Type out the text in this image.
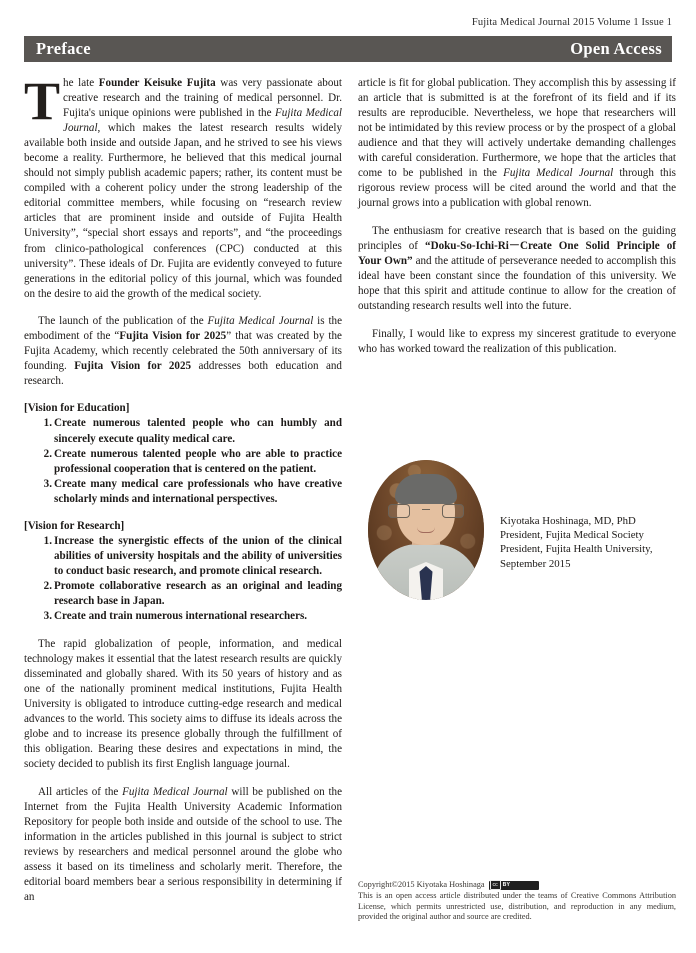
Fujita Medical Journal 2015 Volume 1 Issue 1
Preface	Open Access

The late Founder Keisuke Fujita was very passionate about creative research and the training of medical personnel. Dr. Fujita's unique opinions were published in the Fujita Medical Journal, which makes the latest research results widely available both inside and outside Japan, and he strived to see his views become a reality. Furthermore, he believed that this medical journal should not simply publish academic papers; rather, its content must be compiled with a coherent policy under the strong leadership of the editorial committee members, while focusing on “research review articles that are prominent inside and outside of Fujita Health University”, “special short essays and reports”, and “the proceedings from clinico-pathological conferences (CPC) conducted at this university”. These ideals of Dr. Fujita are evidently conveyed to future generations in the editorial policy of this journal, which was founded on the desire to aid the growth of the medical society.

The launch of the publication of the Fujita Medical Journal is the embodiment of the “Fujita Vision for 2025” that was created by the Fujita Academy, which recently celebrated the 50th anniversary of its founding. Fujita Vision for 2025 addresses both education and research.

[Vision for Education]
Create numerous talented people who can humbly and sincerely execute quality medical care.
Create numerous talented people who are able to practice professional cooperation that is centered on the patient.
Create many medical care professionals who have creative scholarly minds and international perspectives.
[Vision for Research]
Increase the synergistic effects of the union of the clinical abilities of university hospitals and the ability of universities to conduct basic research, and promote clinical research.
Promote collaborative research as an original and leading research base in Japan.
Create and train numerous international researchers.

The rapid globalization of people, information, and medical technology makes it essential that the latest research results are quickly disseminated and globally shared. With its 50 years of history and as one of the nationally prominent medical institutions, Fujita Health University is obligated to introduce cutting-edge research and medical advances to the world. This society aims to diffuse its ideals across the globe and to increase its presence globally through the fulfillment of this obligation. Bearing these desires and expectations in mind, the society decided to publish its first English language journal.

All articles of the Fujita Medical Journal will be published on the Internet from the Fujita Health University Academic Information Repository for people both inside and outside of the school to use. The information in the articles published in this journal is subject to strict reviews by researchers and medical personnel around the globe who assess it based on its timeliness and scholarly merit. Therefore, the editorial board members bear a serious responsibility in determining if an

article is fit for global publication. They accomplish this by assessing if an article that is submitted is at the forefront of its field and if its results are reproducible. Nevertheless, we hope that researchers will not be intimidated by this review process or by the prospect of a global audience and that they will actively undertake demanding challenges with careful consideration. Furthermore, we hope that the articles that come to be published in the Fujita Medical Journal through this rigorous review process will be cited around the world and that the journal grows into a publication with global renown.

The enthusiasm for creative research that is based on the guiding principles of “Doku-So-Ichi-Ri－Create One Solid Principle of Your Own” and the attitude of perseverance needed to accomplish this ideal have been constant since the foundation of this university. We hope that this spirit and attitude continue to allow for the creation of outstanding research results well into the future.

Finally, I would like to express my sincerest gratitude to everyone who has worked toward the realization of this publication.

Kiyotaka Hoshinaga, MD, PhD
President, Fujita Medical Society
President, Fujita Health University,
September 2015
Copyright©2015 Kiyotaka Hoshinaga	cc BY
This is an open access article distributed under the teams of Creative Commons Attribution License, which permits unrestricted use, distribution, and reproduction in any medium, provided the original author and source are credited.
